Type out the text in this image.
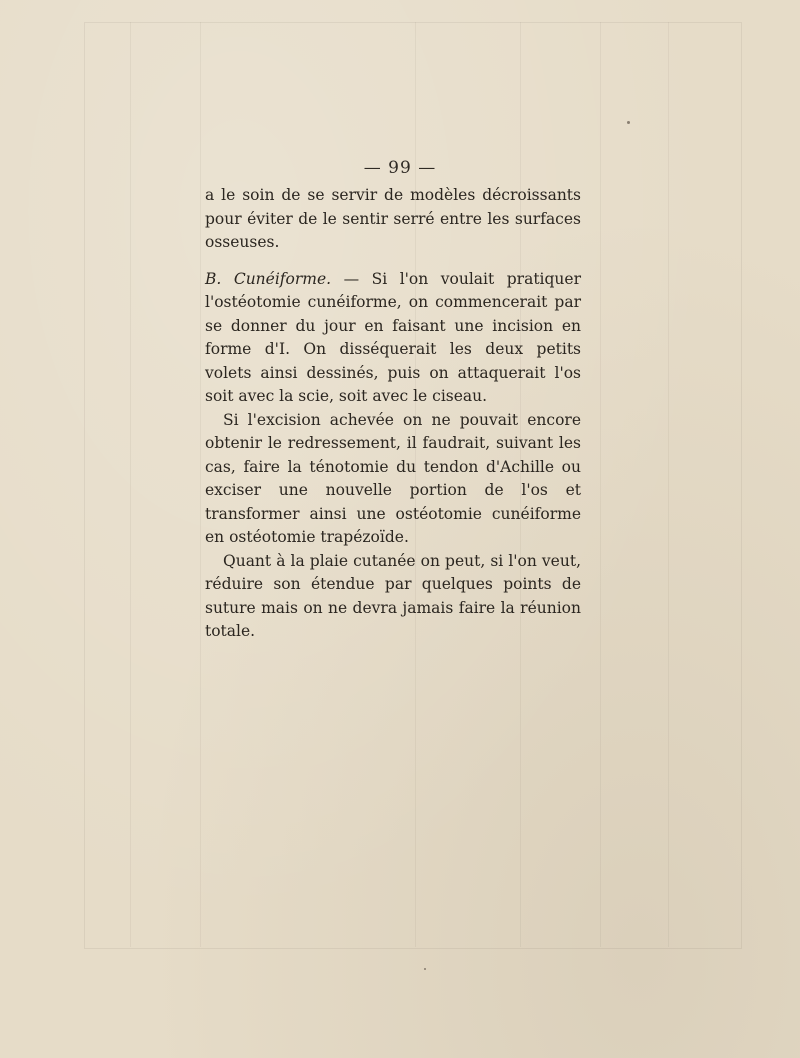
— 99 —

a le soin de se servir de modèles décroissants pour éviter de le sentir serré entre les surfaces osseuses.

B. Cunéiforme. — Si l'on voulait pratiquer l'ostéotomie cunéiforme, on commencerait par se donner du jour en faisant une incision en forme d'I. On disséquerait les deux petits volets ainsi dessinés, puis on attaquerait l'os soit avec la scie, soit avec le ciseau.

Si l'excision achevée on ne pouvait encore obtenir le redressement, il faudrait, suivant les cas, faire la ténotomie du tendon d'Achille ou exciser une nouvelle portion de l'os et transformer ainsi une ostéotomie cunéiforme en ostéotomie trapézoïde.

Quant à la plaie cutanée on peut, si l'on veut, réduire son étendue par quelques points de suture mais on ne devra jamais faire la réunion totale.
